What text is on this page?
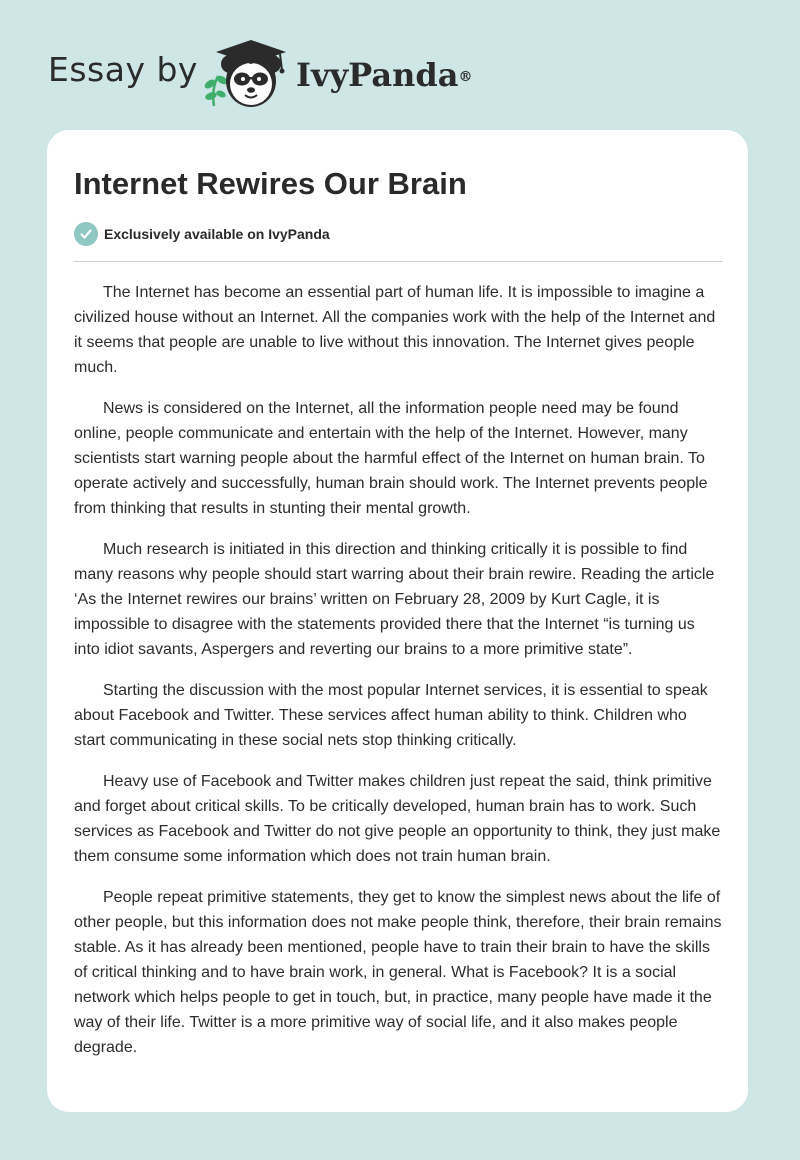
Essay by	IvyPanda®
Internet Rewires Our Brain
Exclusively available on IvyPanda

The Internet has become an essential part of human life. It is impossible to imagine a civilized house without an Internet. All the companies work with the help of the Internet and it seems that people are unable to live without this innovation. The Internet gives people much.

News is considered on the Internet, all the information people need may be found online, people communicate and entertain with the help of the Internet. However, many scientists start warning people about the harmful effect of the Internet on human brain. To operate actively and successfully, human brain should work. The Internet prevents people from thinking that results in stunting their mental growth.

Much research is initiated in this direction and thinking critically it is possible to find many reasons why people should start warring about their brain rewire. Reading the article ‘As the Internet rewires our brains’ written on February 28, 2009 by Kurt Cagle, it is impossible to disagree with the statements provided there that the Internet “is turning us into idiot savants, Aspergers and reverting our brains to a more primitive state”.

Starting the discussion with the most popular Internet services, it is essential to speak about Facebook and Twitter. These services affect human ability to think. Children who start communicating in these social nets stop thinking critically.

Heavy use of Facebook and Twitter makes children just repeat the said, think primitive and forget about critical skills. To be critically developed, human brain has to work. Such services as Facebook and Twitter do not give people an opportunity to think, they just make them consume some information which does not train human brain.

People repeat primitive statements, they get to know the simplest news about the life of other people, but this information does not make people think, therefore, their brain remains stable. As it has already been mentioned, people have to train their brain to have the skills of critical thinking and to have brain work, in general. What is Facebook? It is a social network which helps people to get in touch, but, in practice, many people have made it the way of their life. Twitter is a more primitive way of social life, and it also makes people degrade.
